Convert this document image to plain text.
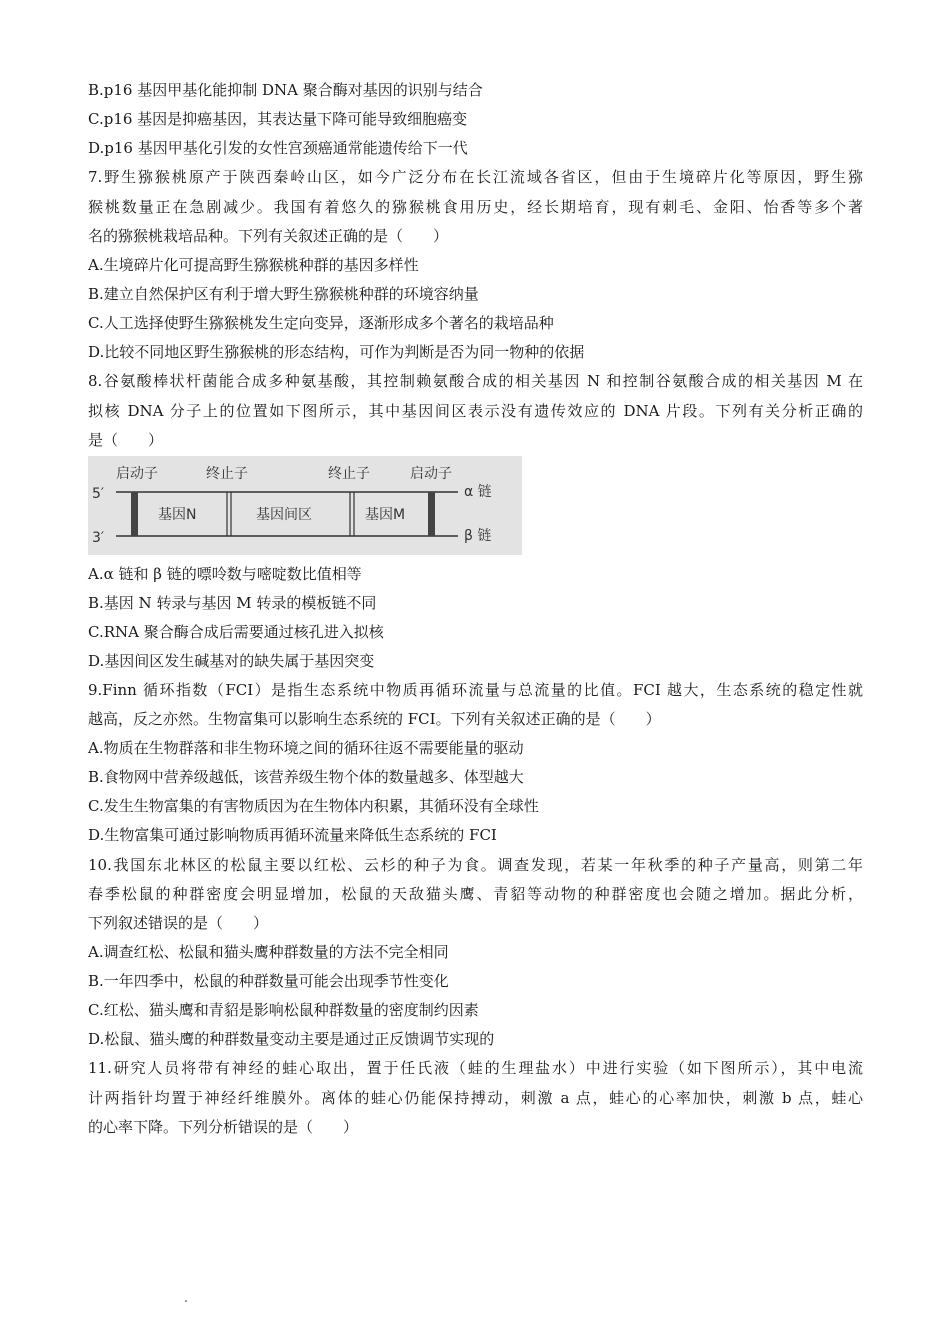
B.p16 基因甲基化能抑制 DNA 聚合酶对基因的识别与结合
C.p16 基因是抑癌基因，其表达量下降可能导致细胞癌变
D.p16 基因甲基化引发的女性宫颈癌通常能遗传给下一代
7.野生猕猴桃原产于陕西秦岭山区，如今广泛分布在长江流域各省区，但由于生境碎片化等原因，野生猕
猴桃数量正在急剧减少。我国有着悠久的猕猴桃食用历史，经长期培育，现有刺毛、金阳、怡香等多个著
名的猕猴桃栽培品种。下列有关叙述正确的是（　　）
A.生境碎片化可提高野生猕猴桃种群的基因多样性
B.建立自然保护区有利于增大野生猕猴桃种群的环境容纳量
C.人工选择使野生猕猴桃发生定向变异，逐渐形成多个著名的栽培品种
D.比较不同地区野生猕猴桃的形态结构，可作为判断是否为同一物种的依据
8.谷氨酸棒状杆菌能合成多种氨基酸，其控制赖氨酸合成的相关基因 N 和控制谷氨酸合成的相关基因 M 在
拟核 DNA 分子上的位置如下图所示，其中基因间区表示没有遗传效应的 DNA 片段。下列有关分析正确的
是（　　）
启动子	终止子	终止子	启动子
5′
3′
基因N	基因间区	基因M
α 链
β 链
A.α 链和 β 链的嘌呤数与嘧啶数比值相等
B.基因 N 转录与基因 M 转录的模板链不同
C.RNA 聚合酶合成后需要通过核孔进入拟核
D.基因间区发生碱基对的缺失属于基因突变
9.Finn 循环指数（FCI）是指生态系统中物质再循环流量与总流量的比值。FCI 越大，生态系统的稳定性就
越高，反之亦然。生物富集可以影响生态系统的 FCI。下列有关叙述正确的是（　　）
A.物质在生物群落和非生物环境之间的循环往返不需要能量的驱动
B.食物网中营养级越低，该营养级生物个体的数量越多、体型越大
C.发生生物富集的有害物质因为在生物体内积累，其循环没有全球性
D.生物富集可通过影响物质再循环流量来降低生态系统的 FCI
10.我国东北林区的松鼠主要以红松、云杉的种子为食。调查发现，若某一年秋季的种子产量高，则第二年
春季松鼠的种群密度会明显增加，松鼠的天敌猫头鹰、青貂等动物的种群密度也会随之增加。据此分析，
下列叙述错误的是（　　）
A.调查红松、松鼠和猫头鹰种群数量的方法不完全相同
B.一年四季中，松鼠的种群数量可能会出现季节性变化
C.红松、猫头鹰和青貂是影响松鼠种群数量的密度制约因素
D.松鼠、猫头鹰的种群数量变动主要是通过正反馈调节实现的
11.研究人员将带有神经的蛙心取出，置于任氏液（蛙的生理盐水）中进行实验（如下图所示），其中电流
计两指针均置于神经纤维膜外。离体的蛙心仍能保持搏动，刺激 a 点，蛙心的心率加快，刺激 b 点，蛙心
的心率下降。下列分析错误的是（　　）
